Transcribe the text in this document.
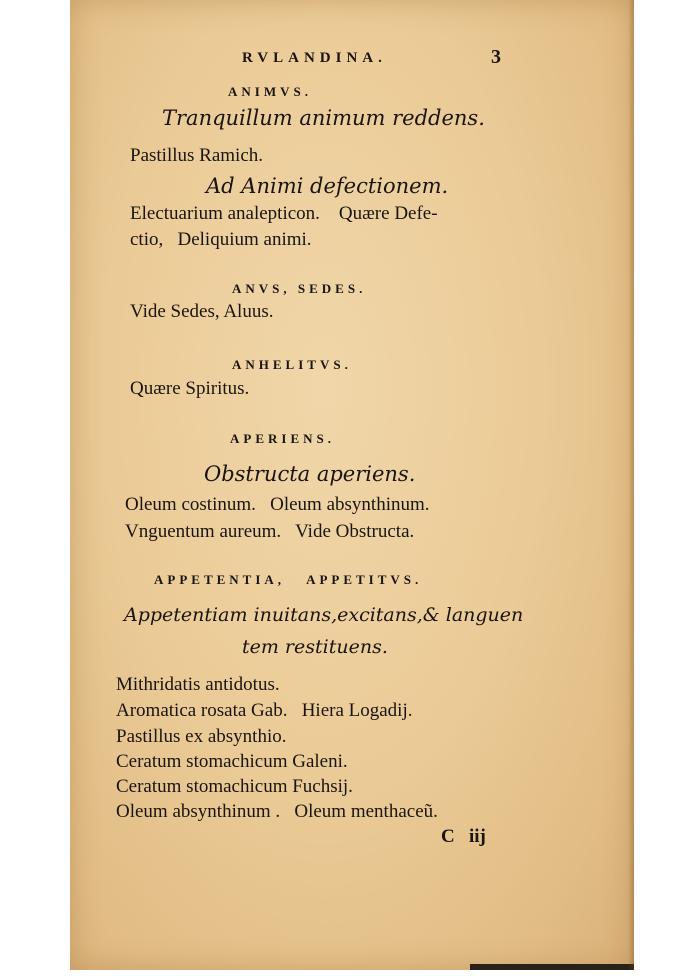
RVLANDINA.	3
ANIMVS.
Tranquillum animum reddens.
Pastillus Ramich.
Ad Animi defectionem.
Electuarium analepticon.    Quære Defe-
ctio,   Deliquium animi.
ANVS, SEDES.
Vide Sedes, Aluus.
ANHELITVS.
Quære Spiritus.
APERIENS.
Obstructa aperiens.
Oleum costinum.   Oleum absynthinum.
Vnguentum aureum.   Vide Obstructa.
APPETENTIA,   APPETITVS.
Appetentiam inuitans,excitans,& languen
tem restituens.
Mithridatis antidotus.
Aromatica rosata Gab.   Hiera Logadij.
Pastillus ex absynthio.
Ceratum stomachicum Galeni.
Ceratum stomachicum Fuchsij.
Oleum absynthinum .   Oleum menthaceũ.
C   iij
